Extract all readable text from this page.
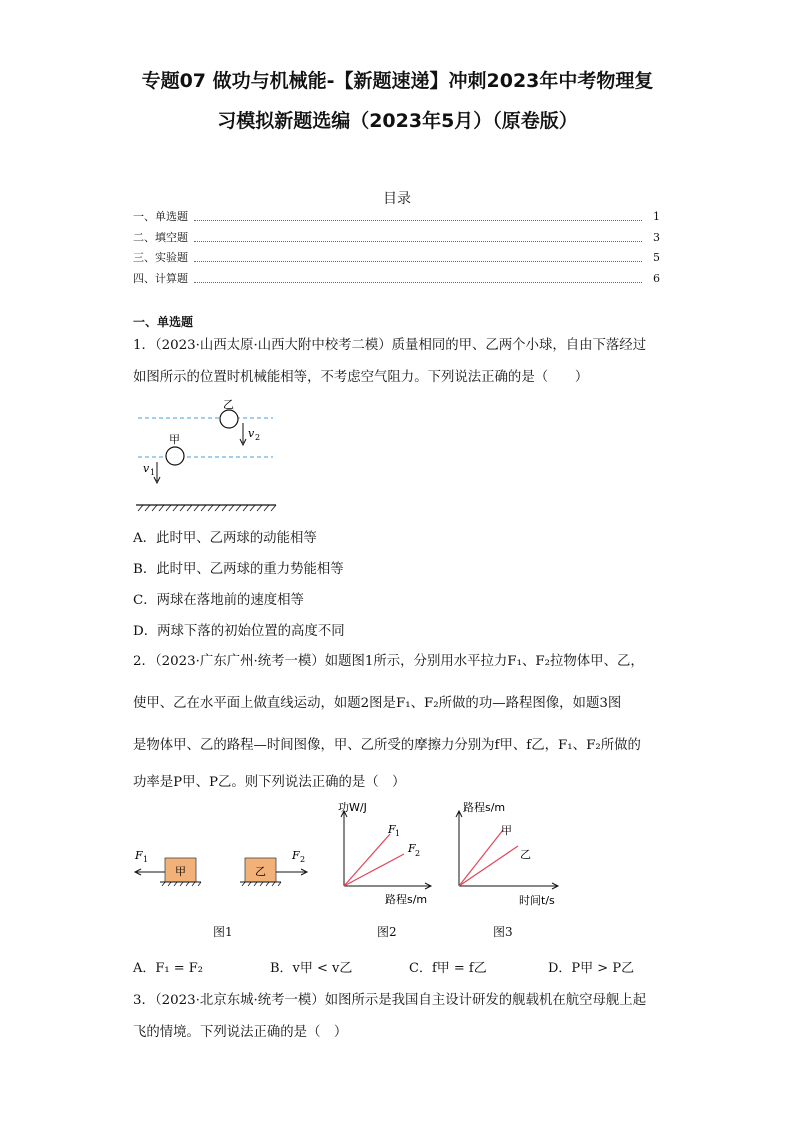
专题07 做功与机械能-【新题速递】冲刺2023年中考物理复
习模拟新题选编（2023年5月）（原卷版）
目录
一、单选题	1
二、填空题	3
三、实验题	5
四、计算题	6
一、单选题
1．（2023·山西太原·山西大附中校考二模）质量相同的甲、乙两个小球，自由下落经过
如图所示的位置时机械能相等，不考虑空气阻力。下列说法正确的是（　　）
乙
甲	v 2
v 1
A．此时甲、乙两球的动能相等
B．此时甲、乙两球的重力势能相等
C．两球在落地前的速度相等
D．两球下落的初始位置的高度不同
2．（2023·广东广州·统考一模）如题图1所示，分别用水平拉力F₁、F₂拉物体甲、乙，
使甲、乙在水平面上做直线运动，如题2图是F₁、F₂所做的功—路程图像，如题3图
是物体甲、乙的路程—时间图像，甲、乙所受的摩擦力分别为f甲、f乙，F₁、F₂所做的
功率是P甲、P乙。则下列说法正确的是（　）
F 1
甲	乙
F 2
功W/J
路程s/m
F 1
F 2
路程s/m
时间t/s
甲
乙
图1	图2	图3
A．F₁ = F₂	B．v甲 < v乙	C．f甲 = f乙	D．P甲 > P乙
3．（2023·北京东城·统考一模）如图所示是我国自主设计研发的舰载机在航空母舰上起
飞的情境。下列说法正确的是（　）
